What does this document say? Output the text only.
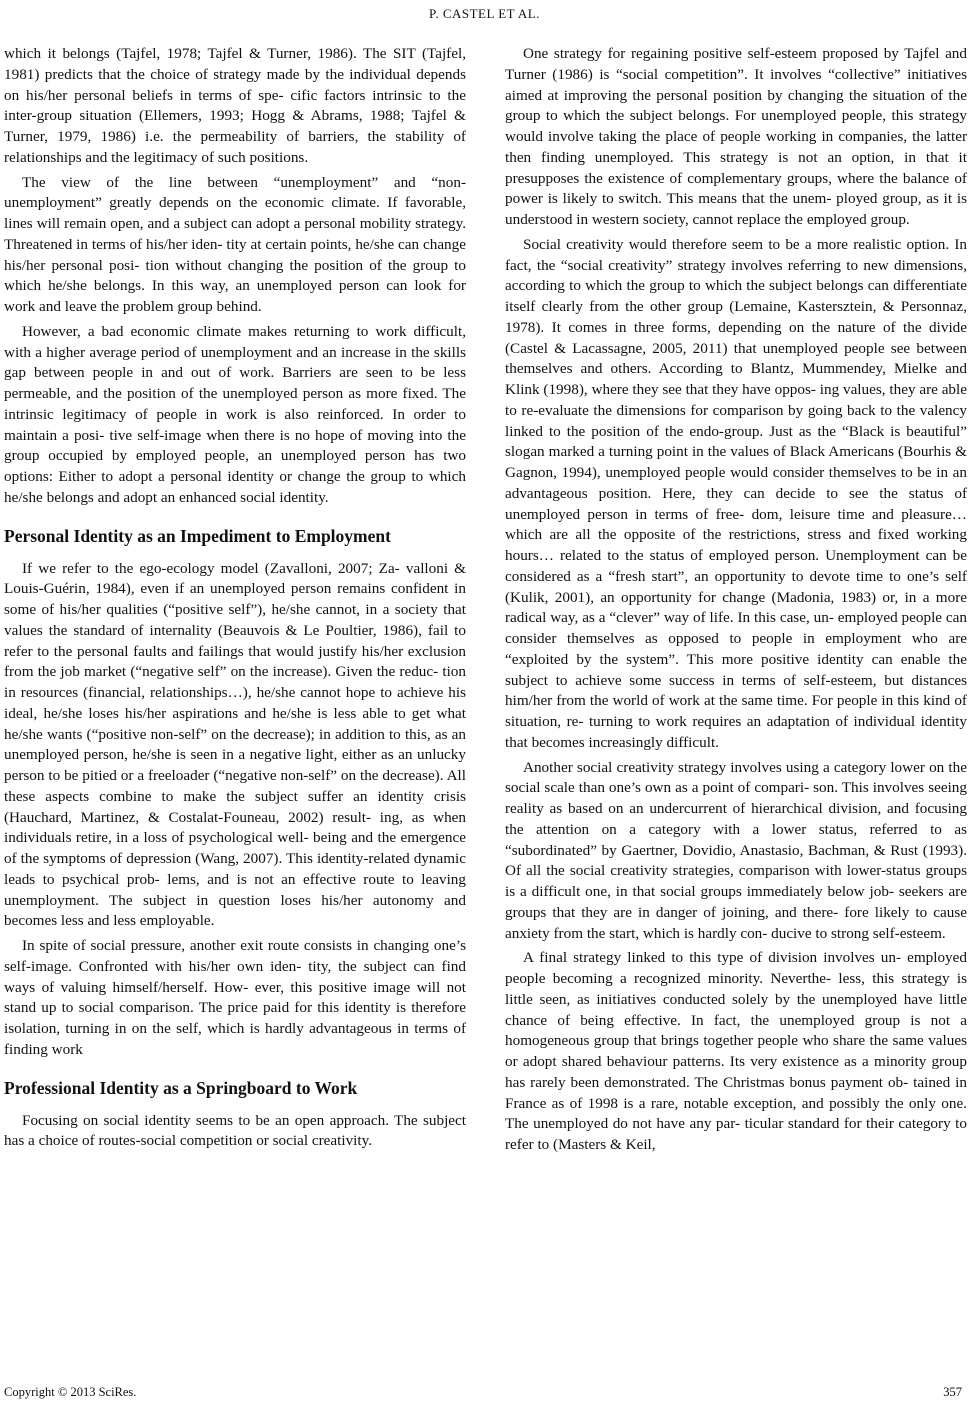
P. CASTEL ET AL.

which it belongs (Tajfel, 1978; Tajfel & Turner, 1986). The SIT (Tajfel, 1981) predicts that the choice of strategy made by the individual depends on his/her personal beliefs in terms of spe- cific factors intrinsic to the inter-group situation (Ellemers, 1993; Hogg & Abrams, 1988; Tajfel & Turner, 1979, 1986) i.e. the permeability of barriers, the stability of relationships and the legitimacy of such positions.

The view of the line between “unemployment” and “non- unemployment” greatly depends on the economic climate. If favorable, lines will remain open, and a subject can adopt a personal mobility strategy. Threatened in terms of his/her iden- tity at certain points, he/she can change his/her personal posi- tion without changing the position of the group to which he/she belongs. In this way, an unemployed person can look for work and leave the problem group behind.

However, a bad economic climate makes returning to work difficult, with a higher average period of unemployment and an increase in the skills gap between people in and out of work. Barriers are seen to be less permeable, and the position of the unemployed person as more fixed. The intrinsic legitimacy of people in work is also reinforced. In order to maintain a posi- tive self-image when there is no hope of moving into the group occupied by employed people, an unemployed person has two options: Either to adopt a personal identity or change the group to which he/she belongs and adopt an enhanced social identity.

Personal Identity as an Impediment to Employment

If we refer to the ego-ecology model (Zavalloni, 2007; Za- valloni & Louis-Guérin, 1984), even if an unemployed person remains confident in some of his/her qualities (“positive self”), he/she cannot, in a society that values the standard of internality (Beauvois & Le Poultier, 1986), fail to refer to the personal faults and failings that would justify his/her exclusion from the job market (“negative self” on the increase). Given the reduc- tion in resources (financial, relationships…), he/she cannot hope to achieve his ideal, he/she loses his/her aspirations and he/she is less able to get what he/she wants (“positive non-self” on the decrease); in addition to this, as an unemployed person, he/she is seen in a negative light, either as an unlucky person to be pitied or a freeloader (“negative non-self” on the decrease). All these aspects combine to make the subject suffer an identity crisis (Hauchard, Martinez, & Costalat-Founeau, 2002) result- ing, as when individuals retire, in a loss of psychological well- being and the emergence of the symptoms of depression (Wang, 2007). This identity-related dynamic leads to psychical prob- lems, and is not an effective route to leaving unemployment. The subject in question loses his/her autonomy and becomes less and less employable.

In spite of social pressure, another exit route consists in changing one’s self-image. Confronted with his/her own iden- tity, the subject can find ways of valuing himself/herself. How- ever, this positive image will not stand up to social comparison. The price paid for this identity is therefore isolation, turning in on the self, which is hardly advantageous in terms of finding work

Professional Identity as a Springboard to Work

Focusing on social identity seems to be an open approach. The subject has a choice of routes-social competition or social creativity.

One strategy for regaining positive self-esteem proposed by Tajfel and Turner (1986) is “social competition”. It involves “collective” initiatives aimed at improving the personal position by changing the situation of the group to which the subject belongs. For unemployed people, this strategy would involve taking the place of people working in companies, the latter then finding unemployed. This strategy is not an option, in that it presupposes the existence of complementary groups, where the balance of power is likely to switch. This means that the unem- ployed group, as it is understood in western society, cannot replace the employed group.

Social creativity would therefore seem to be a more realistic option. In fact, the “social creativity” strategy involves referring to new dimensions, according to which the group to which the subject belongs can differentiate itself clearly from the other group (Lemaine, Kastersztein, & Personnaz, 1978). It comes in three forms, depending on the nature of the divide (Castel & Lacassagne, 2005, 2011) that unemployed people see between themselves and others. According to Blantz, Mummendey, Mielke and Klink (1998), where they see that they have oppos- ing values, they are able to re-evaluate the dimensions for comparison by going back to the valency linked to the position of the endo-group. Just as the “Black is beautiful” slogan marked a turning point in the values of Black Americans (Bourhis & Gagnon, 1994), unemployed people would consider themselves to be in an advantageous position. Here, they can decide to see the status of unemployed person in terms of free- dom, leisure time and pleasure… which are all the opposite of the restrictions, stress and fixed working hours… related to the status of employed person. Unemployment can be considered as a “fresh start”, an opportunity to devote time to one’s self (Kulik, 2001), an opportunity for change (Madonia, 1983) or, in a more radical way, as a “clever” way of life. In this case, un- employed people can consider themselves as opposed to people in employment who are “exploited by the system”. This more positive identity can enable the subject to achieve some success in terms of self-esteem, but distances him/her from the world of work at the same time. For people in this kind of situation, re- turning to work requires an adaptation of individual identity that becomes increasingly difficult.

Another social creativity strategy involves using a category lower on the social scale than one’s own as a point of compari- son. This involves seeing reality as based on an undercurrent of hierarchical division, and focusing the attention on a category with a lower status, referred to as “subordinated” by Gaertner, Dovidio, Anastasio, Bachman, & Rust (1993). Of all the social creativity strategies, comparison with lower-status groups is a difficult one, in that social groups immediately below job- seekers are groups that they are in danger of joining, and there- fore likely to cause anxiety from the start, which is hardly con- ducive to strong self-esteem.

A final strategy linked to this type of division involves un- employed people becoming a recognized minority. Neverthe- less, this strategy is little seen, as initiatives conducted solely by the unemployed have little chance of being effective. In fact, the unemployed group is not a homogeneous group that brings together people who share the same values or adopt shared behaviour patterns. Its very existence as a minority group has rarely been demonstrated. The Christmas bonus payment ob- tained in France as of 1998 is a rare, notable exception, and possibly the only one. The unemployed do not have any par- ticular standard for their category to refer to (Masters & Keil,

Copyright © 2013 SciRes.	357
